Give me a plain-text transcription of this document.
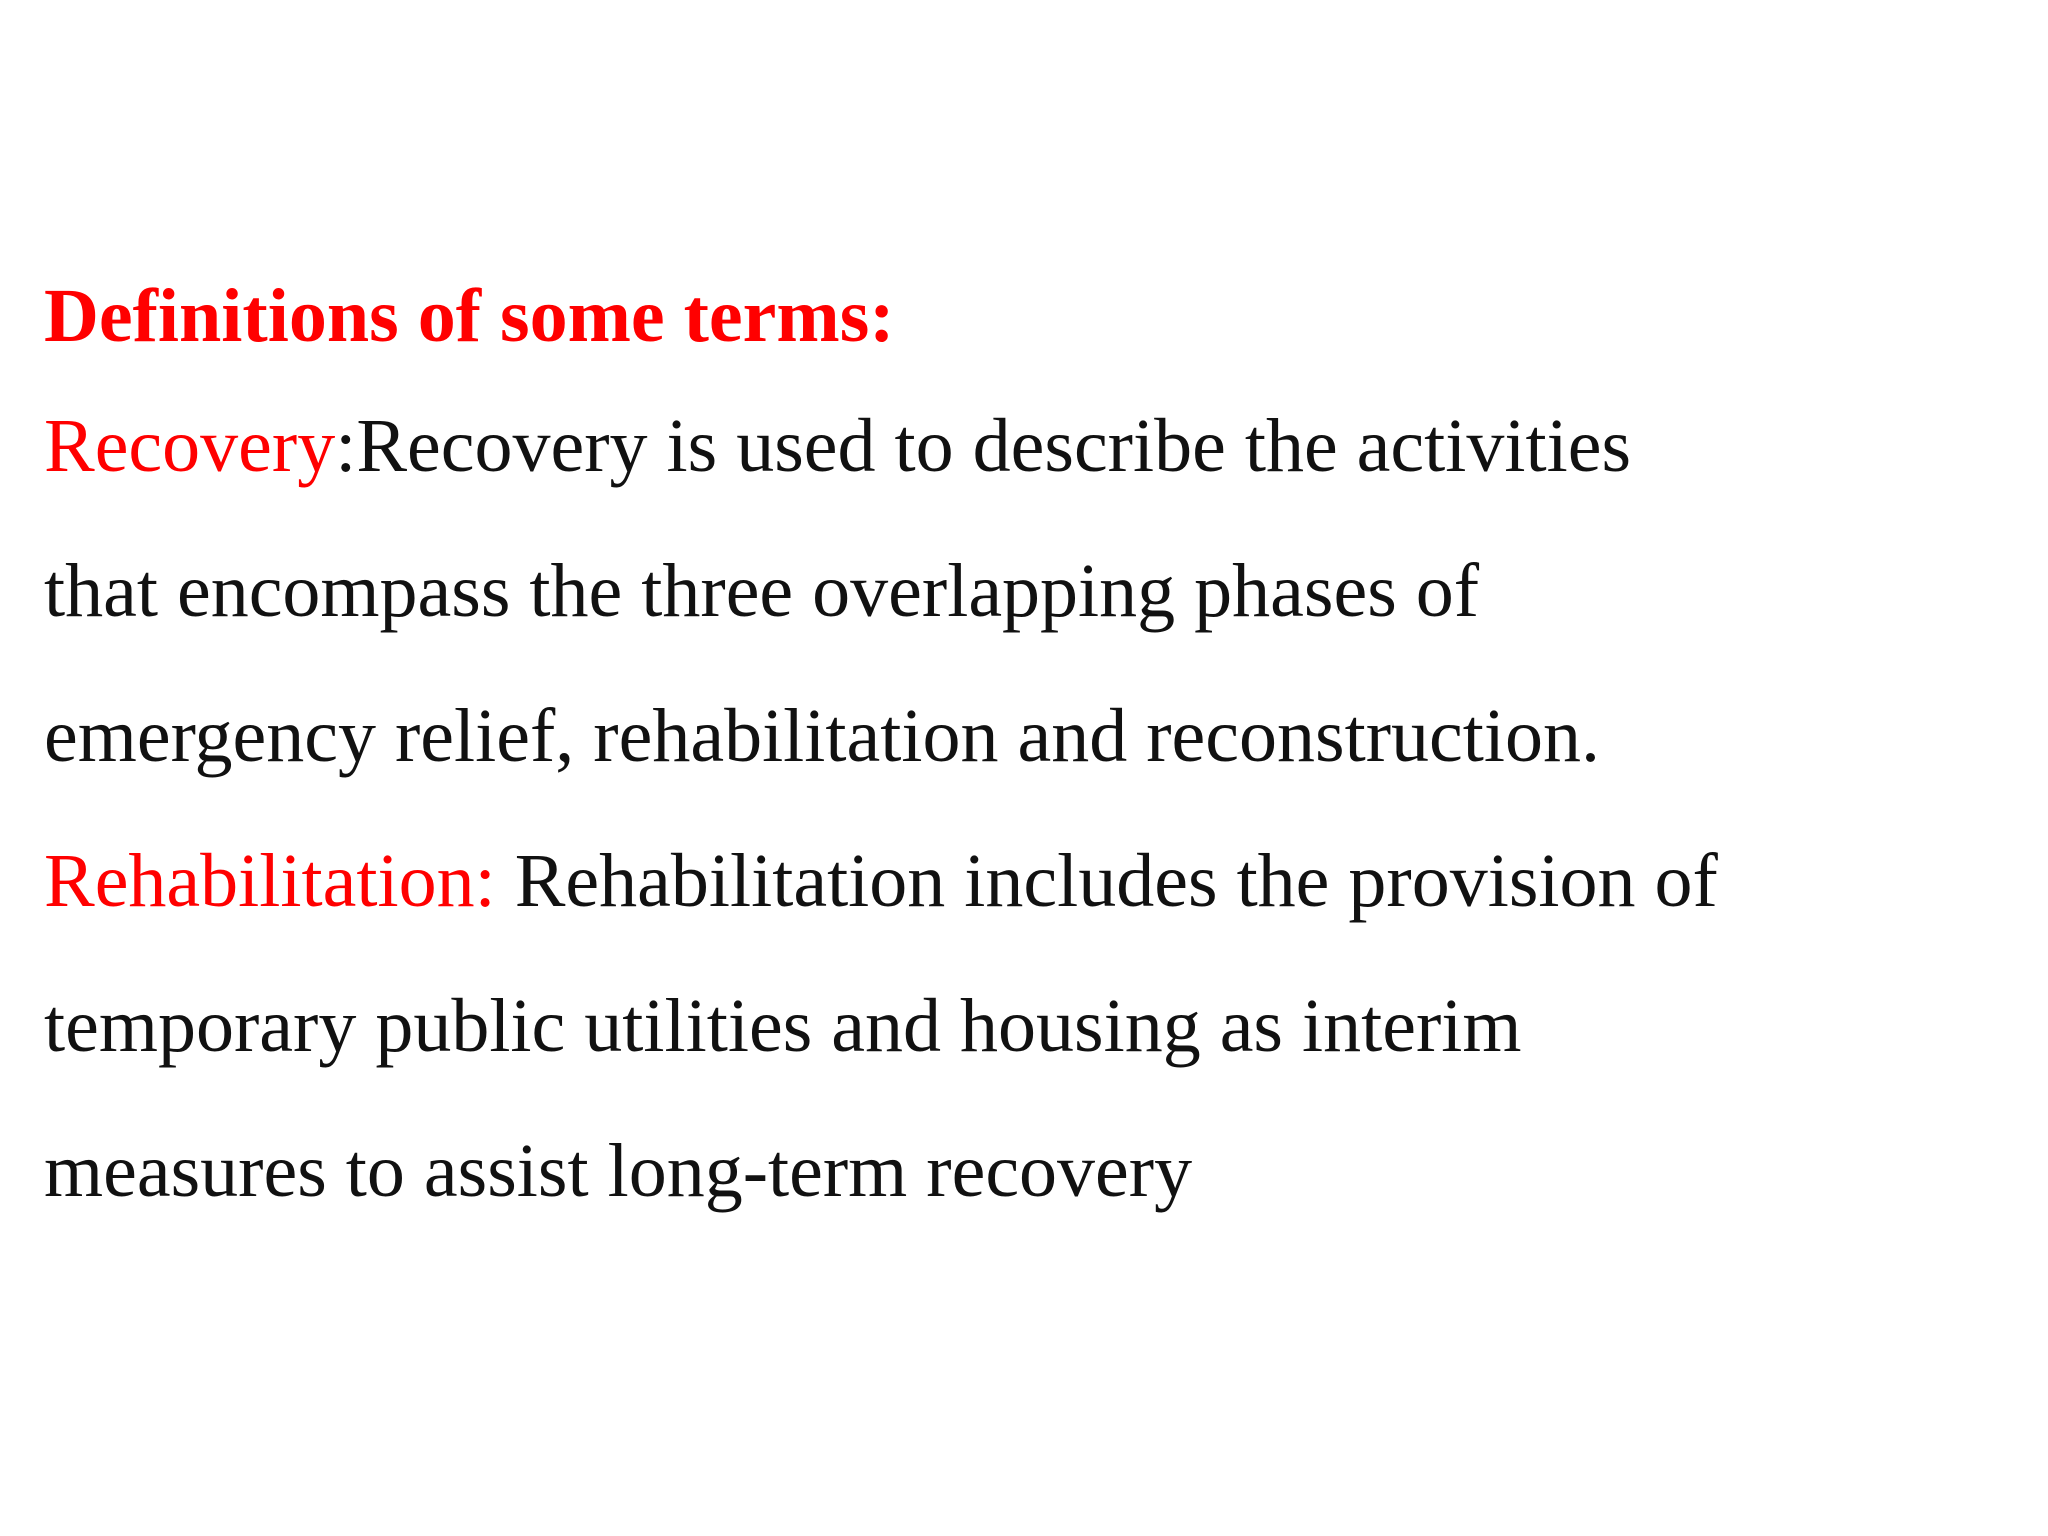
Definitions of some terms:

Recovery:Recovery is used to describe the activities

that encompass the three overlapping phases of

emergency relief, rehabilitation and reconstruction.

Rehabilitation: Rehabilitation includes the provision of

temporary public utilities and housing as interim

measures to assist long-term recovery
